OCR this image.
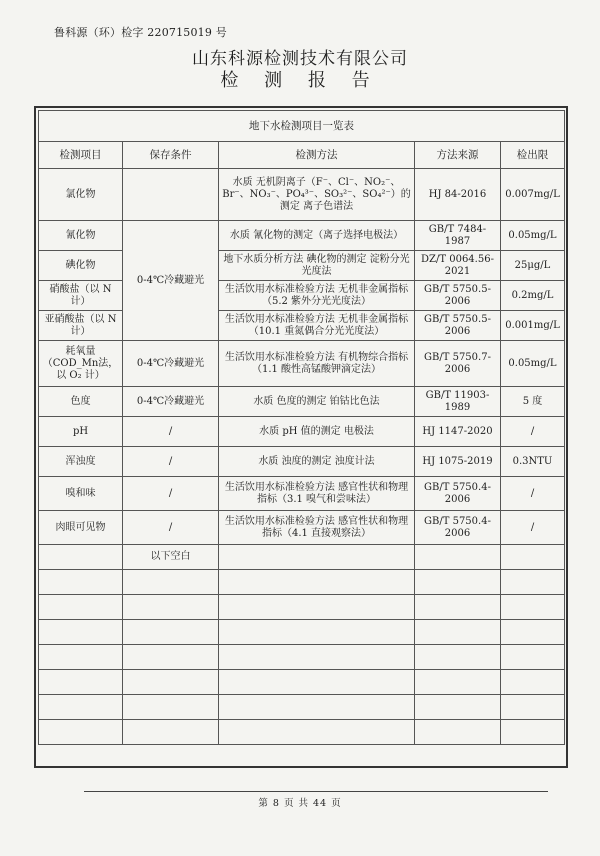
鲁科源（环）检字 220715019 号
山东科源检测技术有限公司
检 测 报 告
地下水检测项目一览表				
检测项目	保存条件	检测方法	方法来源	检出限
氯化物		水质 无机阴离子（F⁻、Cl⁻、NO₂⁻、Br⁻、NO₃⁻、PO₄³⁻、SO₃²⁻、SO₄²⁻）的测定 离子色谱法	HJ 84-2016	0.007mg/L
氰化物	0-4℃冷藏避光	水质 氰化物的测定（离子选择电极法）	GB/T 7484-1987	0.05mg/L
碘化物		地下水质分析方法 碘化物的测定 淀粉分光光度法	DZ/T 0064.56-2021	25μg/L
硝酸盐（以 N 计）		生活饮用水标准检验方法 无机非金属指标（5.2 紫外分光光度法）	GB/T 5750.5-2006	0.2mg/L
亚硝酸盐（以 N 计）		生活饮用水标准检验方法 无机非金属指标（10.1 重氮偶合分光光度法）	GB/T 5750.5-2006	0.001mg/L
耗氧量（COD_Mn法，以 O₂ 计）	0-4℃冷藏避光	生活饮用水标准检验方法 有机物综合指标（1.1 酸性高锰酸钾滴定法）	GB/T 5750.7-2006	0.05mg/L
色度	0-4℃冷藏避光	水质 色度的测定 铂钴比色法	GB/T 11903-1989	5 度
pH	/	水质 pH 值的测定 电极法	HJ 1147-2020	/
浑浊度	/	水质 浊度的测定 浊度计法	HJ 1075-2019	0.3NTU
嗅和味	/	生活饮用水标准检验方法 感官性状和物理指标（3.1 嗅气和尝味法）	GB/T 5750.4-2006	/
肉眼可见物	/	生活饮用水标准检验方法 感官性状和物理指标（4.1 直接观察法）	GB/T 5750.4-2006	/
	以下空白			

第 8 页 共 44 页
